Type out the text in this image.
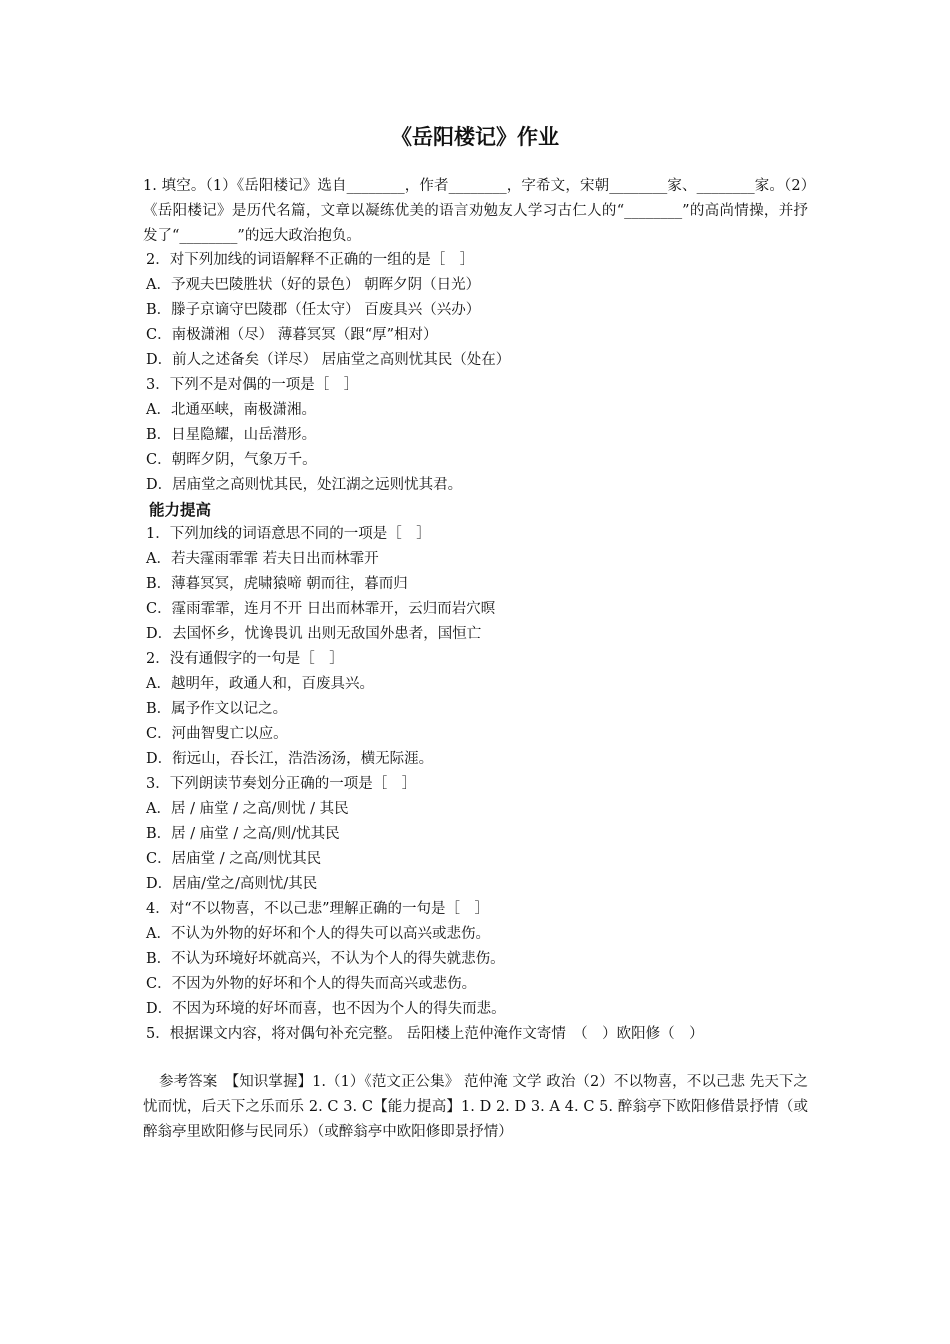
《岳阳楼记》作业

1. 填空。（1）《岳阳楼记》选自________，作者________，字希文，宋朝________家、________家。（2）《岳阳楼记》是历代名篇，文章以凝练优美的语言劝勉友人学习古仁人的“________”的高尚情操，并抒发了“________”的远大政治抱负。

2．对下列加线的词语解释不正确的一组的是［　］
A．予观夫巴陵胜状（好的景色） 朝晖夕阴（日光）
B．滕子京谪守巴陵郡（任太守） 百废具兴（兴办）
C．南极潇湘（尽） 薄暮冥冥（跟“厚”相对）
D．前人之述备矣（详尽） 居庙堂之高则忧其民（处在）
3．下列不是对偶的一项是［　］
A．北通巫峡，南极潇湘。
B．日星隐耀，山岳潜形。
C．朝晖夕阴，气象万千。
D．居庙堂之高则忧其民，处江湖之远则忧其君。
能力提高
1．下列加线的词语意思不同的一项是［　］
A．若夫霪雨霏霏 若夫日出而林霏开
B．薄暮冥冥，虎啸猿啼 朝而往，暮而归
C．霪雨霏霏，连月不开 日出而林霏开，云归而岩穴暝
D．去国怀乡，忧谗畏讥 出则无敌国外患者，国恒亡
2．没有通假字的一句是［　］
A．越明年，政通人和，百废具兴。
B．属予作文以记之。
C．河曲智叟亡以应。
D．衔远山，吞长江，浩浩汤汤，横无际涯。
3．下列朗读节奏划分正确的一项是［　］
A．居 / 庙堂 / 之高/则忧 / 其民
B．居 / 庙堂 / 之高/则/忧其民
C．居庙堂 / 之高/则忧其民
D．居庙/堂之/高则忧/其民
4．对“不以物喜，不以己悲”理解正确的一句是［　］
A．不认为外物的好坏和个人的得失可以高兴或悲伤。
B．不认为环境好坏就高兴，不认为个人的得失就悲伤。
C．不因为外物的好坏和个人的得失而高兴或悲伤。
D．不因为环境的好坏而喜，也不因为个人的得失而悲。
5．根据课文内容，将对偶句补充完整。 岳阳楼上范仲淹作文寄情　（　）欧阳修（　）

参考答案　【知识掌握】1.（1）《范文正公集》 范仲淹 文学 政治（2）不以物喜，不以己悲 先天下之忧而忧，后天下之乐而乐 2. C 3. C【能力提高】1. D 2. D 3. A 4. C 5. 醉翁亭下欧阳修借景抒情（或醉翁亭里欧阳修与民同乐）（或醉翁亭中欧阳修即景抒情）
